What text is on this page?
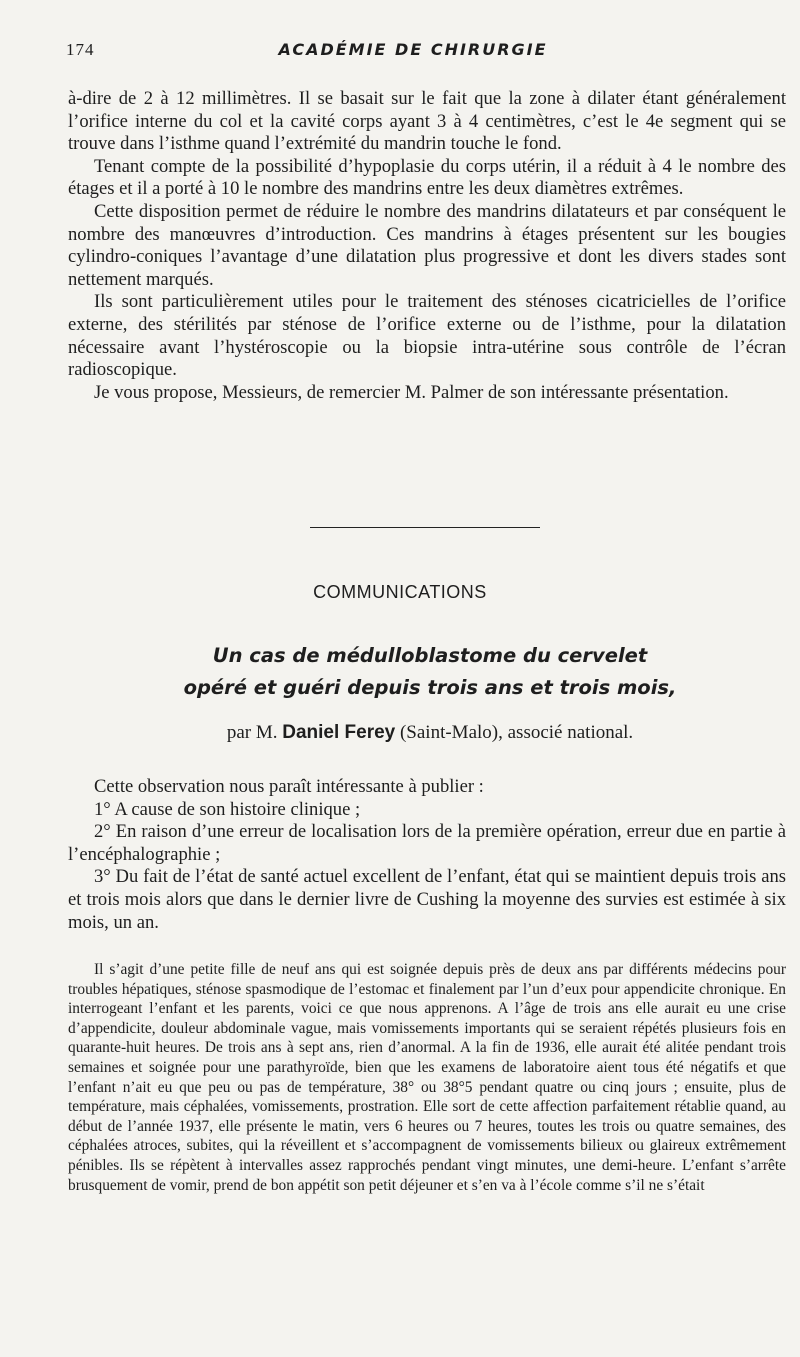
174	ACADÉMIE DE CHIRURGIE

à-dire de 2 à 12 millimètres. Il se basait sur le fait que la zone à dilater étant généralement l’orifice interne du col et la cavité corps ayant 3 à 4 centimètres, c’est le 4e segment qui se trouve dans l’isthme quand l’extrémité du mandrin touche le fond.

Tenant compte de la possibilité d’hypoplasie du corps utérin, il a réduit à 4 le nombre des étages et il a porté à 10 le nombre des mandrins entre les deux diamètres extrêmes.

Cette disposition permet de réduire le nombre des mandrins dilatateurs et par conséquent le nombre des manœuvres d’introduction. Ces mandrins à étages présentent sur les bougies cylindro-coniques l’avantage d’une dilatation plus progressive et dont les divers stades sont nettement marqués.

Ils sont particulièrement utiles pour le traitement des sténoses cicatricielles de l’orifice externe, des stérilités par sténose de l’orifice externe ou de l’isthme, pour la dilatation nécessaire avant l’hystéroscopie ou la biopsie intra-utérine sous contrôle de l’écran radioscopique.

Je vous propose, Messieurs, de remercier M. Palmer de son intéressante présentation.

COMMUNICATIONS
Un cas de médulloblastome du cervelet
opéré et guéri depuis trois ans et trois mois,
par M. Daniel Ferey (Saint-Malo), associé national.

Cette observation nous paraît intéressante à publier :

1° A cause de son histoire clinique ;

2° En raison d’une erreur de localisation lors de la première opération, erreur due en partie à l’encéphalographie ;

3° Du fait de l’état de santé actuel excellent de l’enfant, état qui se maintient depuis trois ans et trois mois alors que dans le dernier livre de Cushing la moyenne des survies est estimée à six mois, un an.

Il s’agit d’une petite fille de neuf ans qui est soignée depuis près de deux ans par différents médecins pour troubles hépatiques, sténose spasmodique de l’estomac et finalement par l’un d’eux pour appendicite chronique. En interrogeant l’enfant et les parents, voici ce que nous apprenons. A l’âge de trois ans elle aurait eu une crise d’appendicite, douleur abdominale vague, mais vomissements importants qui se seraient répétés plusieurs fois en quarante-huit heures. De trois ans à sept ans, rien d’anormal. A la fin de 1936, elle aurait été alitée pendant trois semaines et soignée pour une parathyroïde, bien que les examens de laboratoire aient tous été négatifs et que l’enfant n’ait eu que peu ou pas de température, 38° ou 38°5 pendant quatre ou cinq jours ; ensuite, plus de température, mais céphalées, vomissements, prostration. Elle sort de cette affection parfaitement rétablie quand, au début de l’année 1937, elle présente le matin, vers 6 heures ou 7 heures, toutes les trois ou quatre semaines, des céphalées atroces, subites, qui la réveillent et s’accompagnent de vomissements bilieux ou glaireux extrêmement pénibles. Ils se répètent à intervalles assez rapprochés pendant vingt minutes, une demi-heure. L’enfant s’arrête brusquement de vomir, prend de bon appétit son petit déjeuner et s’en va à l’école comme s’il ne s’était
